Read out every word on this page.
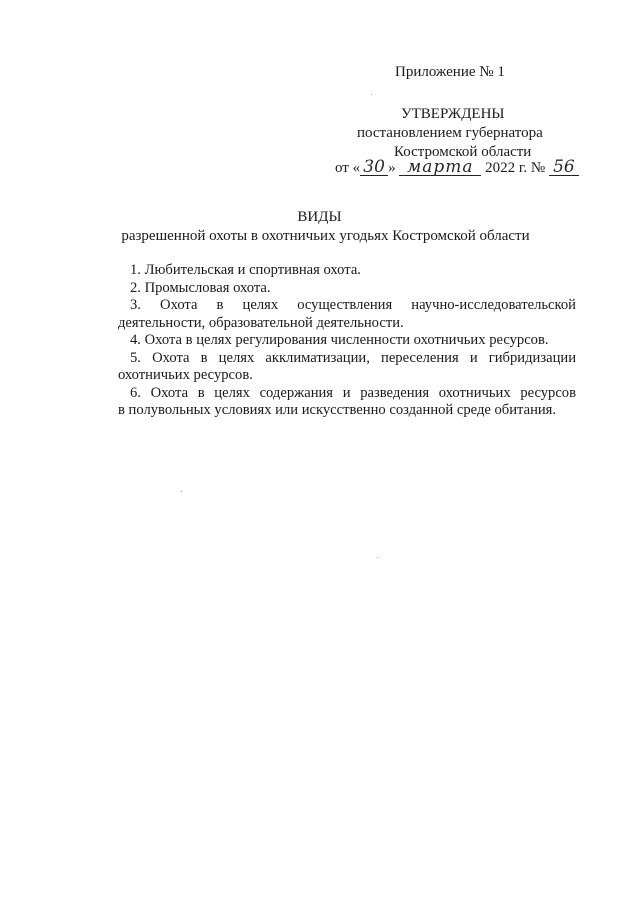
Приложение № 1
УТВЕРЖДЕНЫ
постановлением губернатора
Костромской области
от « 30 » марта 2022 г. № 56
ВИДЫ
разрешенной охоты в охотничьих угодьях Костромской области

1. Любительская и спортивная охота.

2. Промысловая охота.

3. Охота в целях осуществления научно-исследовательской
деятельности, образовательной деятельности.

4. Охота в целях регулирования численности охотничьих ресурсов.

5. Охота в целях акклиматизации, переселения и гибридизации
охотничьих ресурсов.

6. Охота в целях содержания и разведения охотничьих ресурсов
в полувольных условиях или искусственно созданной среде обитания.
